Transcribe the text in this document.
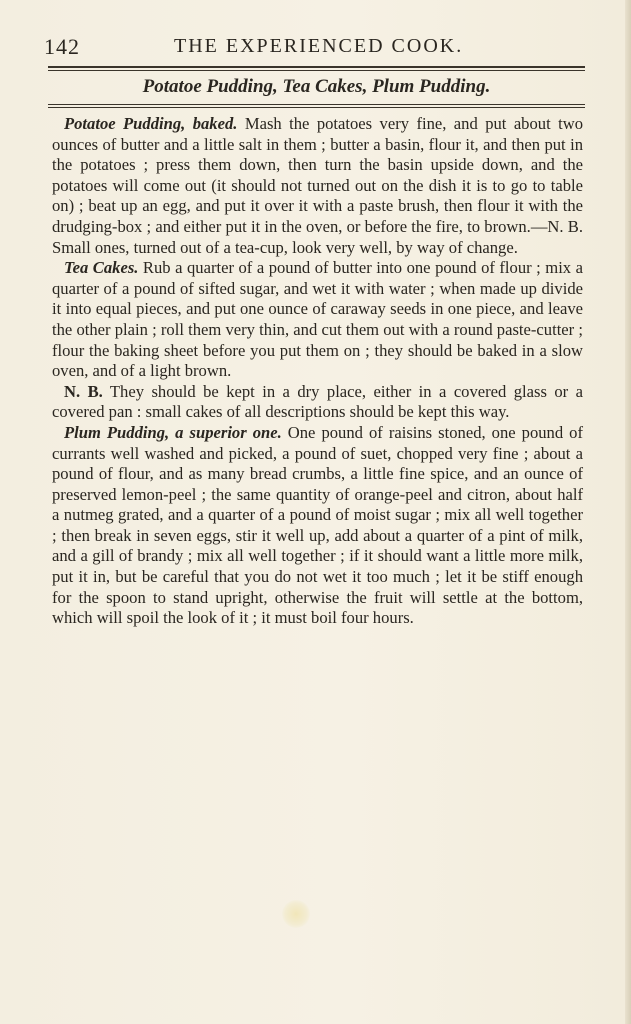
142	THE EXPERIENCED COOK.
Potatoe Pudding, Tea Cakes, Plum Pudding.

Potatoe Pudding, baked. Mash the potatoes very fine, and put about two ounces of butter and a little salt in them ; butter a basin, flour it, and then put in the potatoes ; press them down, then turn the basin upside down, and the potatoes will come out (it should not turned out on the dish it is to go to table on) ; beat up an egg, and put it over it with a paste brush, then flour it with the drudging-box ; and either put it in the oven, or before the fire, to brown.—N. B. Small ones, turned out of a tea-cup, look very well, by way of change.

Tea Cakes. Rub a quarter of a pound of butter into one pound of flour ; mix a quarter of a pound of sifted sugar, and wet it with water ; when made up divide it into equal pieces, and put one ounce of caraway seeds in one piece, and leave the other plain ; roll them very thin, and cut them out with a round paste-cutter ; flour the baking sheet before you put them on ; they should be baked in a slow oven, and of a light brown.

N. B. They should be kept in a dry place, either in a covered glass or a covered pan : small cakes of all descriptions should be kept this way.

Plum Pudding, a superior one. One pound of raisins stoned, one pound of currants well washed and picked, a pound of suet, chopped very fine ; about a pound of flour, and as many bread crumbs, a little fine spice, and an ounce of preserved lemon-peel ; the same quantity of orange-peel and citron, about half a nutmeg grated, and a quarter of a pound of moist sugar ; mix all well together ; then break in seven eggs, stir it well up, add about a quarter of a pint of milk, and a gill of brandy ; mix all well together ; if it should want a little more milk, put it in, but be careful that you do not wet it too much ; let it be stiff enough for the spoon to stand upright, otherwise the fruit will settle at the bottom, which will spoil the look of it ; it must boil four hours.
